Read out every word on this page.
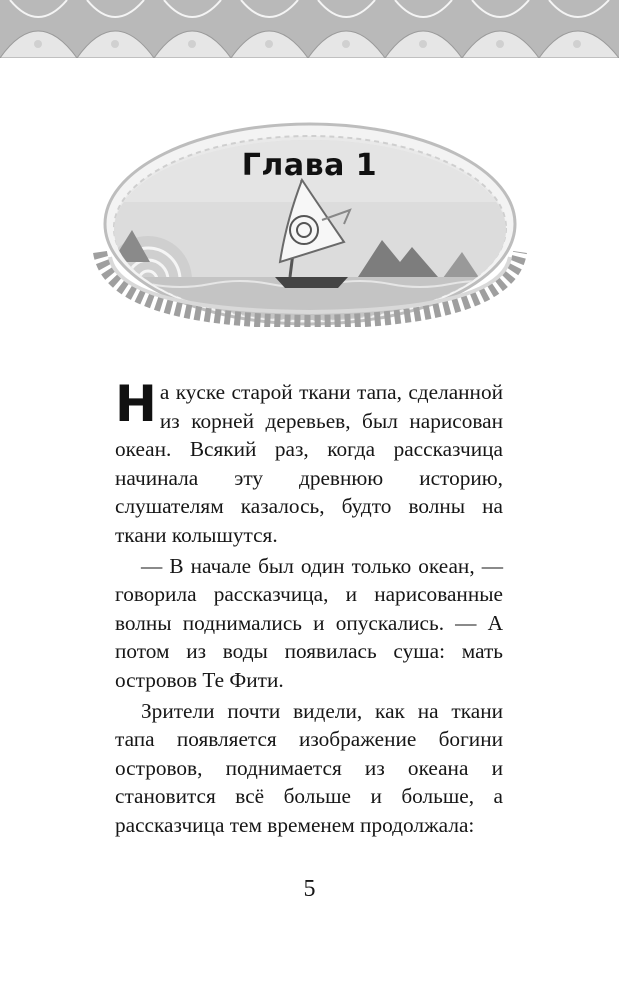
Глава 1

На куске старой ткани тапа, сделанной из корней деревьев, был нарисован океан. Всякий раз, когда рассказчица начинала эту древнюю историю, слушателям казалось, будто волны на ткани колышутся.

— В начале был один только океан, — говорила рассказчица, и нарисованные волны поднимались и опускались. — А потом из воды появилась суша: мать островов Те Фити.

Зрители почти видели, как на ткани тапа появляется изображение богини островов, поднимается из океана и становится всё больше и больше, а рассказчица тем временем продолжала:

5
